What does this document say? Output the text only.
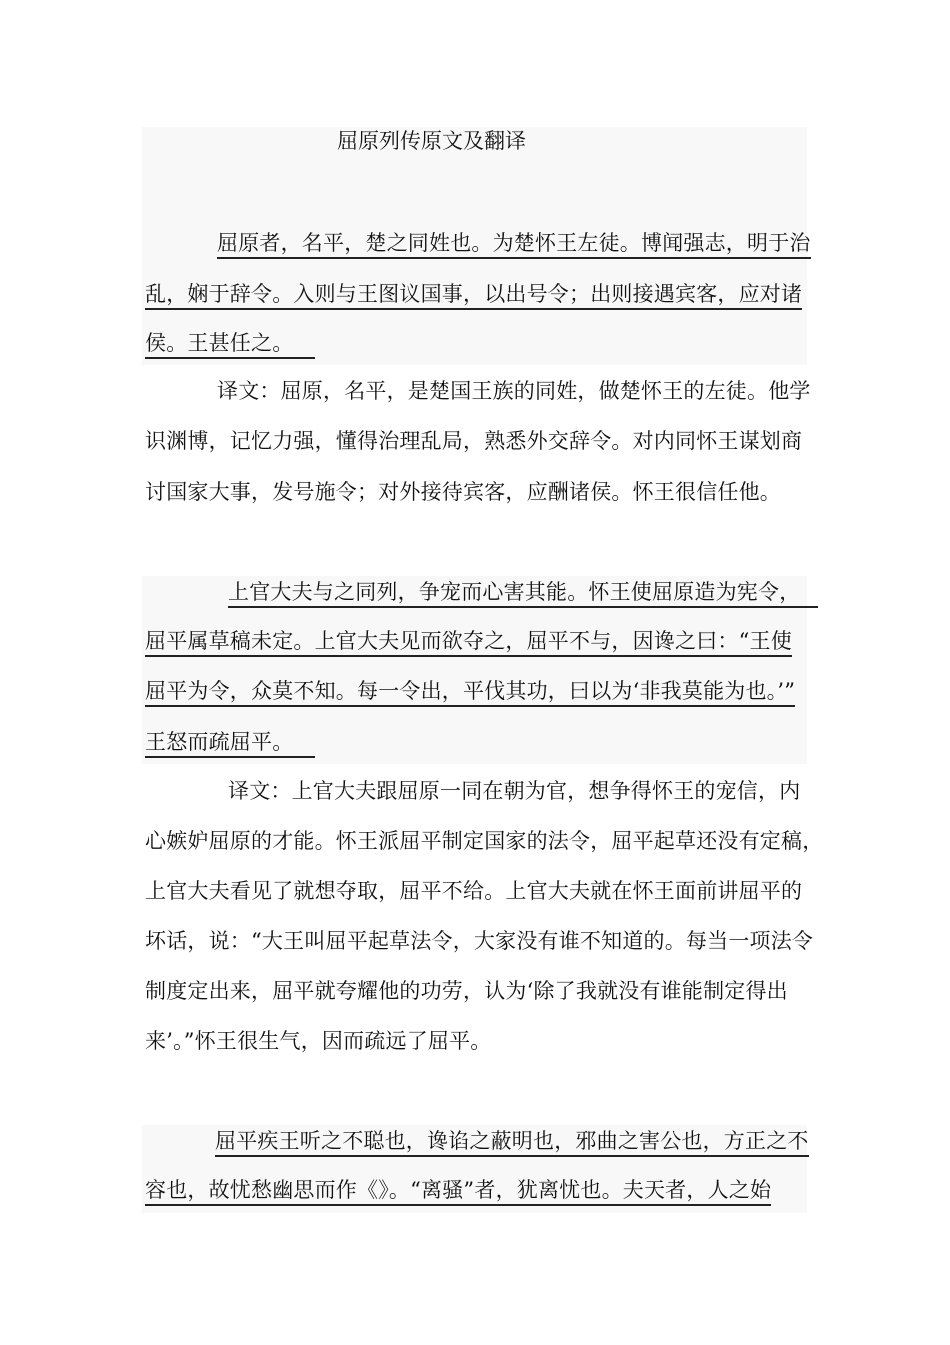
屈原列传原文及翻译
屈原者，名平，楚之同姓也。为楚怀王左徒。博闻强志，明于治
乱，娴于辞令。入则与王图议国事，以出号令；出则接遇宾客，应对诸
侯。王甚任之。
译文：屈原，名平，是楚国王族的同姓，做楚怀王的左徒。他学
识渊博，记忆力强，懂得治理乱局，熟悉外交辞令。对内同怀王谋划商
讨国家大事，发号施令；对外接待宾客，应酬诸侯。怀王很信任他。
上官大夫与之同列，争宠而心害其能。怀王使屈原造为宪令，
屈平属草稿未定。上官大夫见而欲夺之，屈平不与，因谗之曰：“王使
屈平为令，众莫不知。每一令出，平伐其功，曰以为‘非我莫能为也。’”
王怒而疏屈平。
译文：上官大夫跟屈原一同在朝为官，想争得怀王的宠信，内
心嫉妒屈原的才能。怀王派屈平制定国家的法令，屈平起草还没有定稿，
上官大夫看见了就想夺取，屈平不给。上官大夫就在怀王面前讲屈平的
坏话，说：“大王叫屈平起草法令，大家没有谁不知道的。每当一项法令
制度定出来，屈平就夸耀他的功劳，认为‘除了我就没有谁能制定得出
来’。”怀王很生气，因而疏远了屈平。
屈平疾王听之不聪也，谗谄之蔽明也，邪曲之害公也，方正之不
容也，故忧愁幽思而作《》。“离骚”者，犹离忧也。夫天者，人之始
